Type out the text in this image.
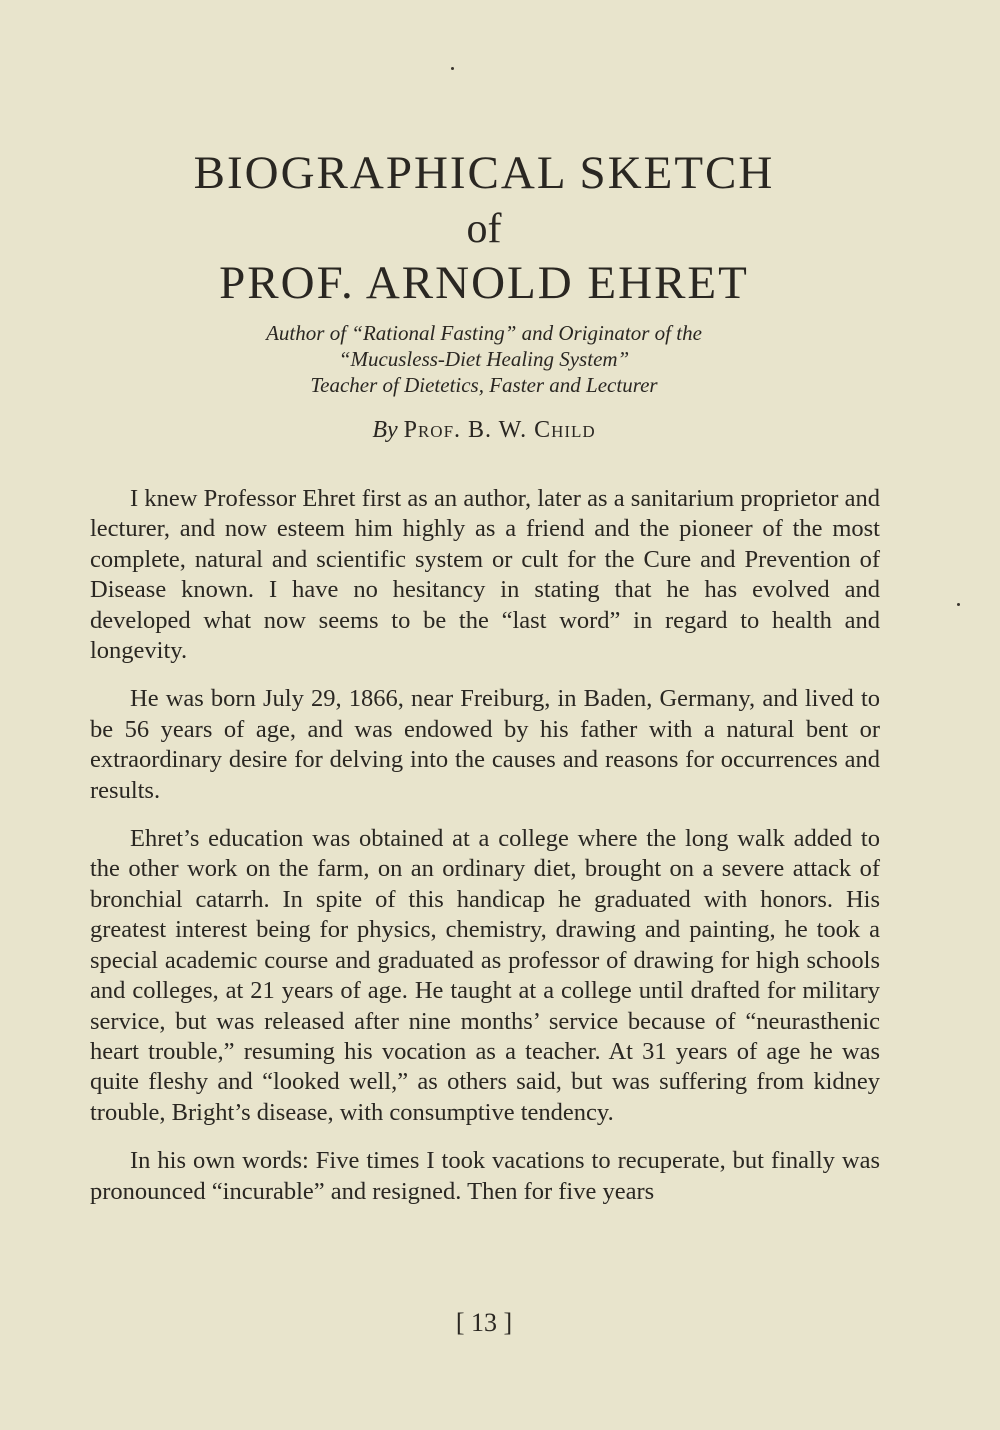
BIOGRAPHICAL SKETCH
of
PROF. ARNOLD EHRET
Author of “Rational Fasting” and Originator of the
“Mucusless-Diet Healing System”
Teacher of Dietetics, Faster and Lecturer
By Prof. B. W. Child

I knew Professor Ehret first as an author, later as a sanitarium proprietor and lecturer, and now esteem him highly as a friend and the pioneer of the most complete, natural and scientific system or cult for the Cure and Prevention of Disease known. I have no hesitancy in stating that he has evolved and developed what now seems to be the “last word” in regard to health and longevity.

He was born July 29, 1866, near Freiburg, in Baden, Germany, and lived to be 56 years of age, and was endowed by his father with a natural bent or extraordinary desire for delving into the causes and reasons for occurrences and results.

Ehret’s education was obtained at a college where the long walk added to the other work on the farm, on an ordinary diet, brought on a severe attack of bronchial catarrh. In spite of this handicap he graduated with honors. His greatest interest being for physics, chemistry, drawing and painting, he took a special academic course and graduated as professor of drawing for high schools and colleges, at 21 years of age. He taught at a college until drafted for military service, but was released after nine months’ service because of “neurasthenic heart trouble,” resuming his vocation as a teacher. At 31 years of age he was quite fleshy and “looked well,” as others said, but was suffering from kidney trouble, Bright’s disease, with consumptive tendency.

In his own words: Five times I took vacations to recuperate, but finally was pronounced “incurable” and resigned. Then for five years

[ 13 ]
